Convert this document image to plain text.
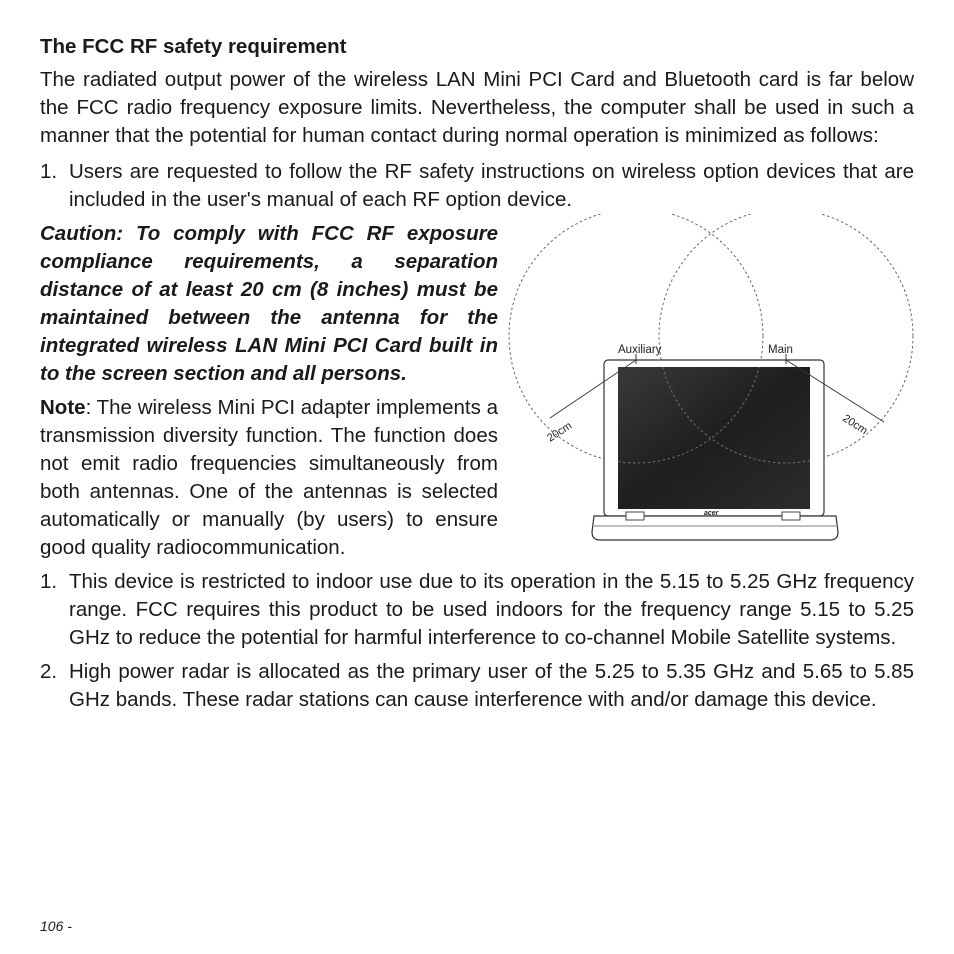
The FCC RF safety requirement

The radiated output power of the wireless LAN Mini PCI Card and Bluetooth card is far below the FCC radio frequency exposure limits. Nevertheless, the computer shall be used in such a manner that the potential for human contact during normal operation is minimized as follows:

1. Users are requested to follow the RF safety instructions on wireless option devices that are included in the user's manual of each RF option device.
Auxiliary	Main
20cm	20cm
acer

Caution: To comply with FCC RF exposure compliance requirements, a separation distance of at least 20 cm (8 inches) must be maintained between the antenna for the integrated wireless LAN Mini PCI Card built in to the screen section and all persons.

Note: The wireless Mini PCI adapter implements a transmission diversity function. The function does not emit radio frequencies simultaneously from both antennas. One of the antennas is selected automatically or manually (by users) to ensure good quality radiocommunication.

1. This device is restricted to indoor use due to its operation in the 5.15 to 5.25 GHz frequency range. FCC requires this product to be used indoors for the frequency range 5.15 to 5.25 GHz to reduce the potential for harmful interference to co-channel Mobile Satellite systems.
2. High power radar is allocated as the primary user of the 5.25 to 5.35 GHz and 5.65 to 5.85 GHz bands. These radar stations can cause interference with and/or damage this device.
106 -
